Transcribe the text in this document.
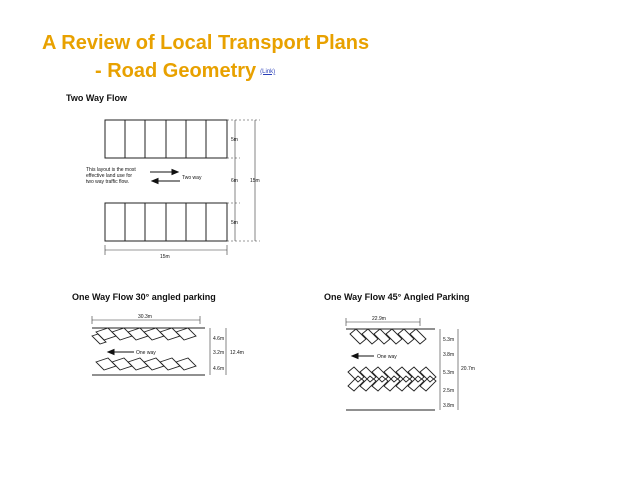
A Review of Local Transport Plans
- Road Geometry (Link)
Two Way Flow
This layout is the most
effective land use for
two way traffic flow.
Two way
5m
6m
5m
15m
15m
One Way Flow 30° angled parking
30.3m
One way
4.6m
3.2m
4.6m
12.4m
One Way Flow 45° Angled Parking
22.9m
One way
5.3m
3.8m
5.3m
2.5m
3.8m
20.7m
